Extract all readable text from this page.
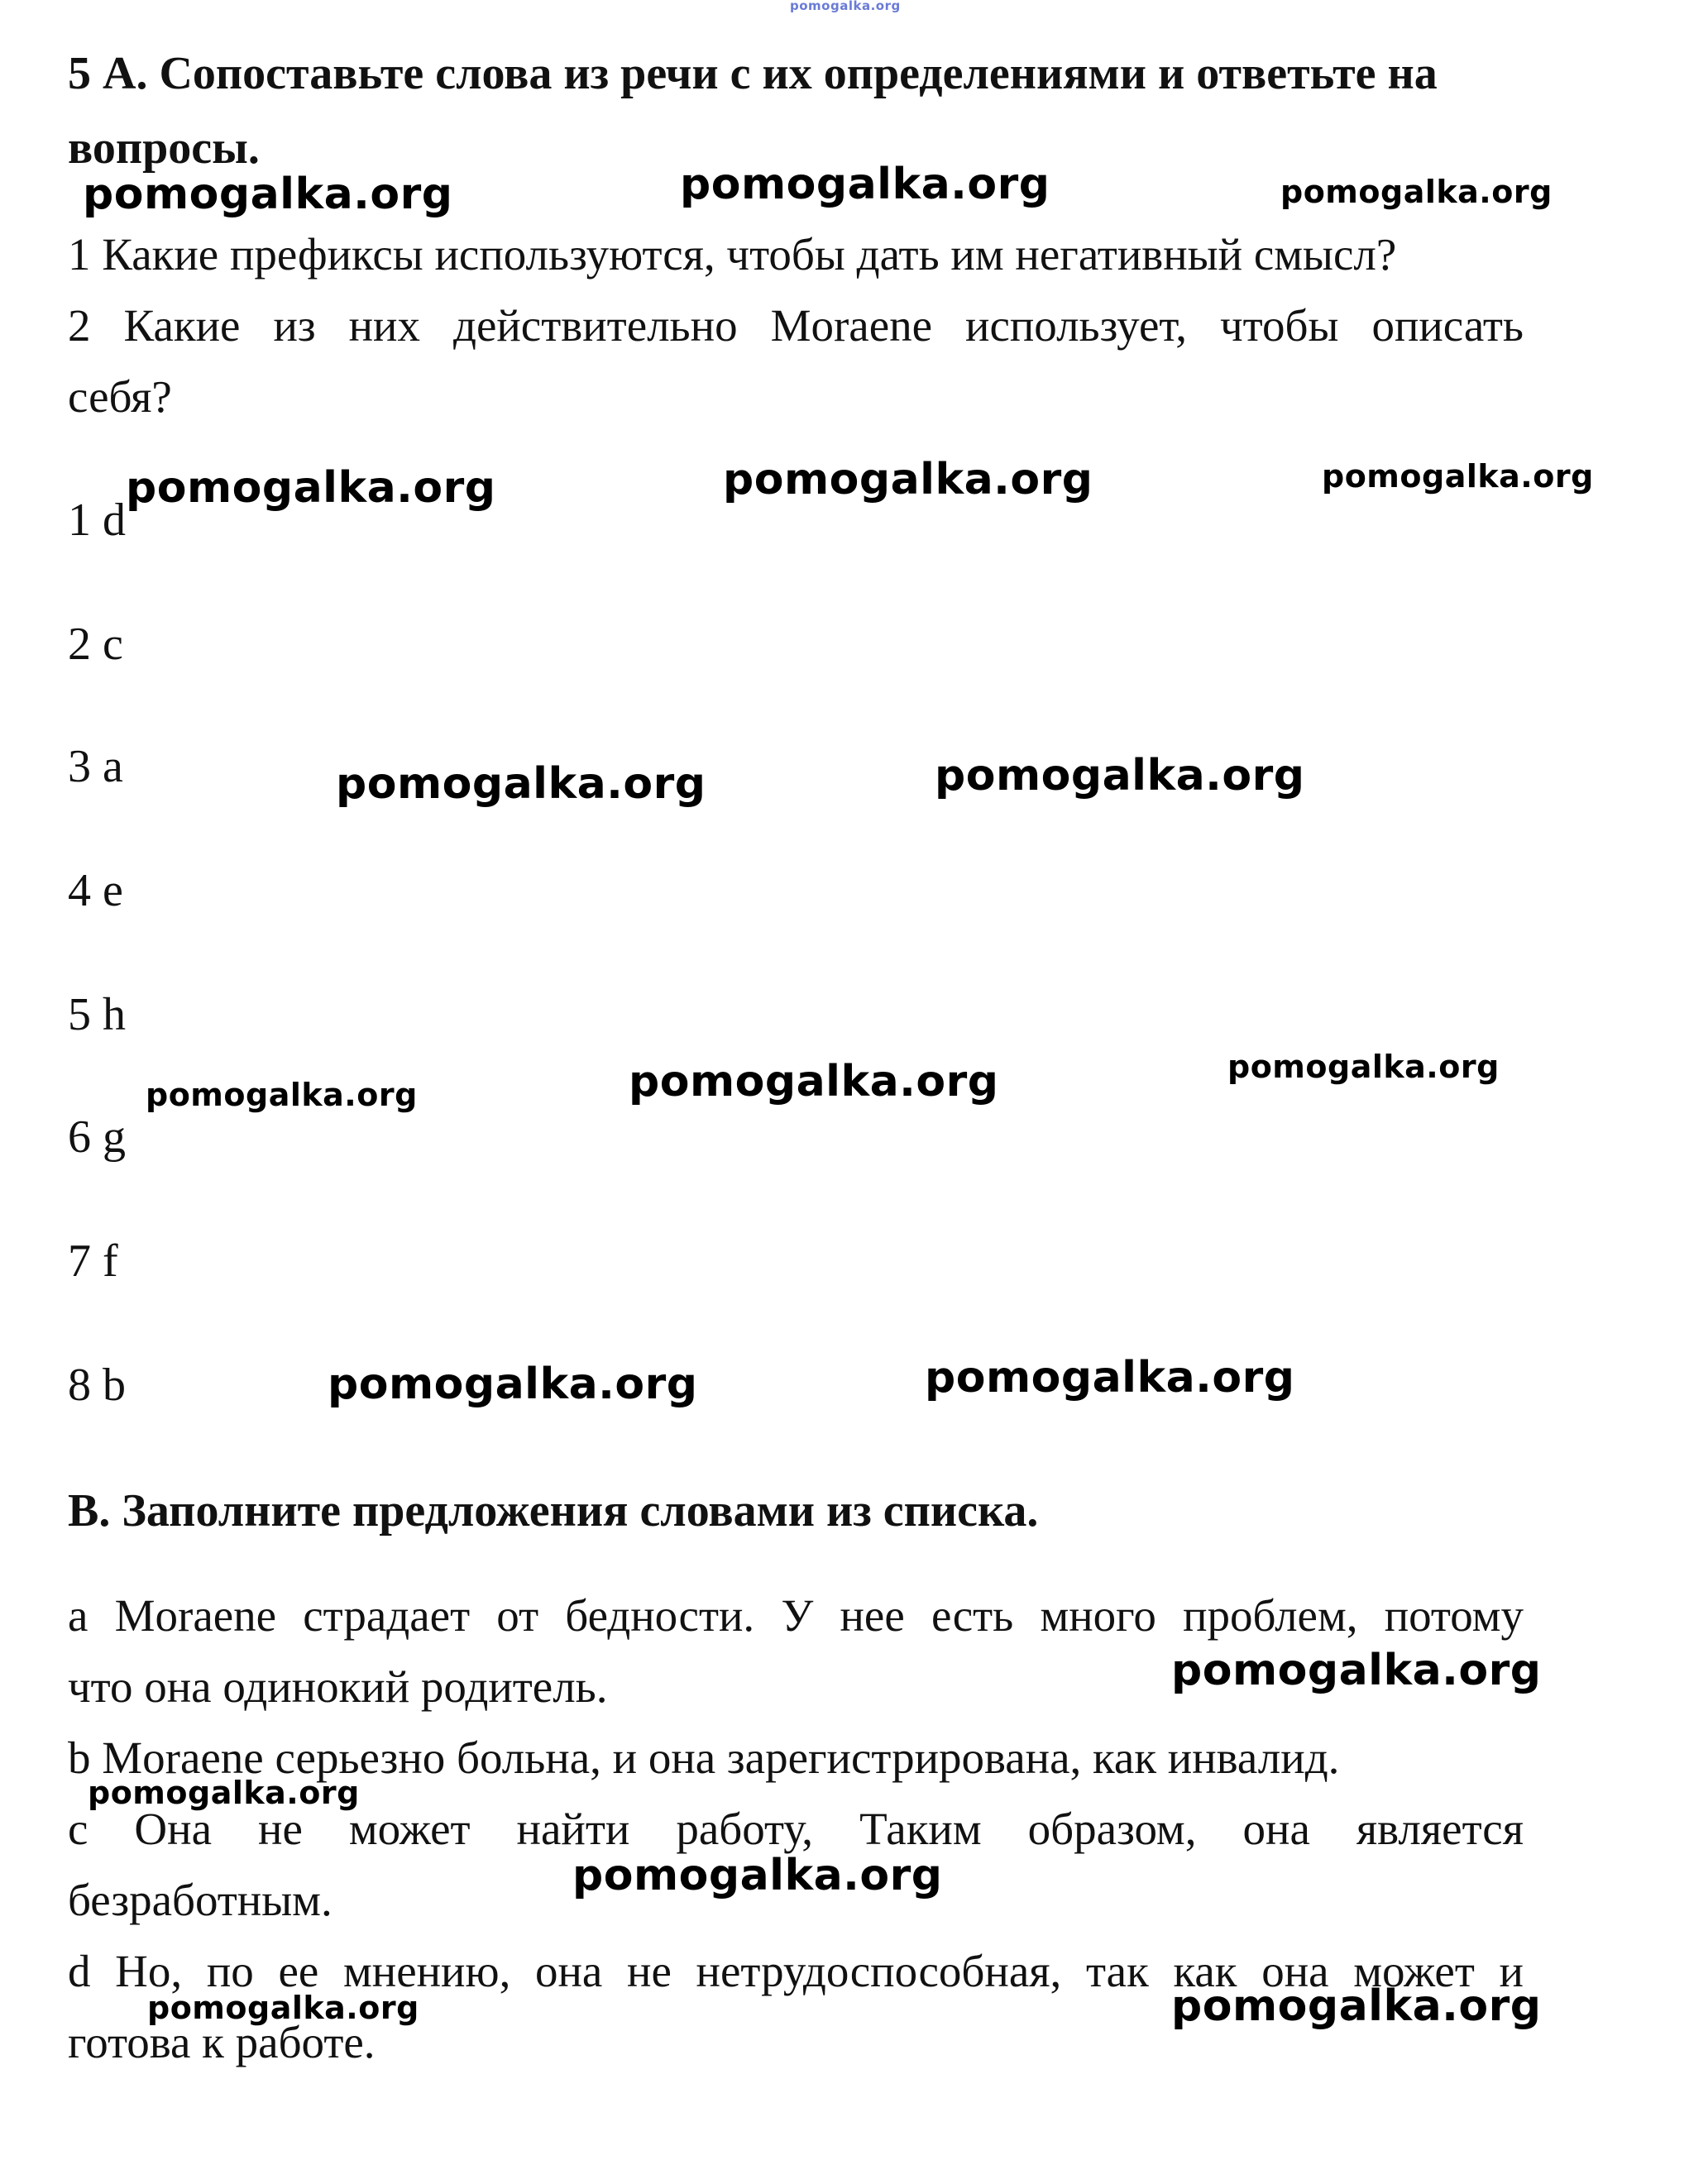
pomogalka.org
5 А. Сопоставьте слова из речи с их определениями и ответьте на
вопросы.
pomogalka.org	pomogalka.org	pomogalka.org
1 Какие префиксы используются, чтобы дать им негативный смысл?
2 Какие из них действительно Moraene использует, чтобы описать
себя?
1 d
2 c
3 a
4 e
5 h
6 g
7 f
8 b
pomogalka.org	pomogalka.org	pomogalka.org
pomogalka.org	pomogalka.org
pomogalka.org	pomogalka.org	pomogalka.org
pomogalka.org	pomogalka.org
B. Заполните предложения словами из списка.
a Moraene страдает от бедности. У нее есть много проблем, потому
что она одинокий родитель.
b Moraene серьезно больна, и она зарегистрирована, как инвалид.
c Она не может найти работу, Таким образом, она является
безработным.
d Но, по ее мнению, она не нетрудоспособная, так как она может и
готова к работе.
pomogalka.org
pomogalka.org
pomogalka.org
pomogalka.org	pomogalka.org
